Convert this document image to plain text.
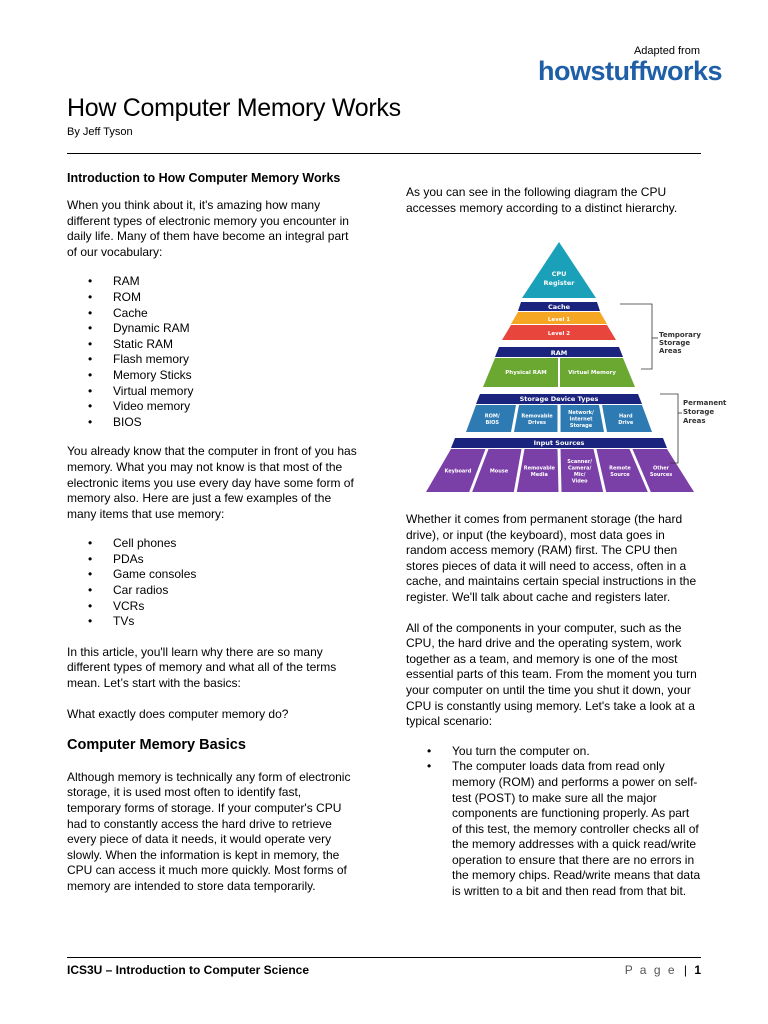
Adapted from
howstuffworks
How Computer Memory Works
By Jeff Tyson

Introduction to How Computer Memory Works

When you think about it, it's amazing how many different types of electronic memory you encounter in daily life. Many of them have become an integral part of our vocabulary:

• RAM
• ROM
• Cache
• Dynamic RAM
• Static RAM
• Flash memory
• Memory Sticks
• Virtual memory
• Video memory
• BIOS

You already know that the computer in front of you has memory. What you may not know is that most of the electronic items you use every day have some form of memory also. Here are just a few examples of the many items that use memory:

• Cell phones
• PDAs
• Game consoles
• Car radios
• VCRs
• TVs

In this article, you'll learn why there are so many different types of memory and what all of the terms mean. Let’s start with the basics:

What exactly does computer memory do?

Computer Memory Basics

Although memory is technically any form of electronic storage, it is used most often to identify fast, temporary forms of storage. If your computer's CPU had to constantly access the hard drive to retrieve every piece of data it needs, it would operate very slowly. When the information is kept in memory, the CPU can access it much more quickly. Most forms of memory are intended to store data temporarily.

As you can see in the following diagram the CPU accesses memory according to a distinct hierarchy.

CPU
Register
Cache
Level 1
Level 2
RAM
Physical RAM	Virtual Memory
Storage Device Types
ROM/
BIOS
Removable
Drives
Network/
Internet
Storage
Hard
Drive
Input Sources
Keyboard	Mouse
Removable
Media
Scanner/
Camera/
Mic/
Video
Remote
Source
Other
Sources
Temporary
Storage
Areas
Permanent
Storage
Areas

Whether it comes from permanent storage (the hard drive), or input (the keyboard), most data goes in random access memory (RAM) first. The CPU then stores pieces of data it will need to access, often in a cache, and maintains certain special instructions in the register. We'll talk about cache and registers later.

All of the components in your computer, such as the CPU, the hard drive and the operating system, work together as a team, and memory is one of the most essential parts of this team. From the moment you turn your computer on until the time you shut it down, your CPU is constantly using memory. Let's take a look at a typical scenario:

• You turn the computer on.
• The computer loads data from read only memory (ROM) and performs a power on self-test (POST) to make sure all the major components are functioning properly. As part of this test, the memory controller checks all of the memory addresses with a quick read/write operation to ensure that there are no errors in the memory chips. Read/write means that data is written to a bit and then read from that bit.
ICS3U – Introduction to Computer Science	P a g e | 1
